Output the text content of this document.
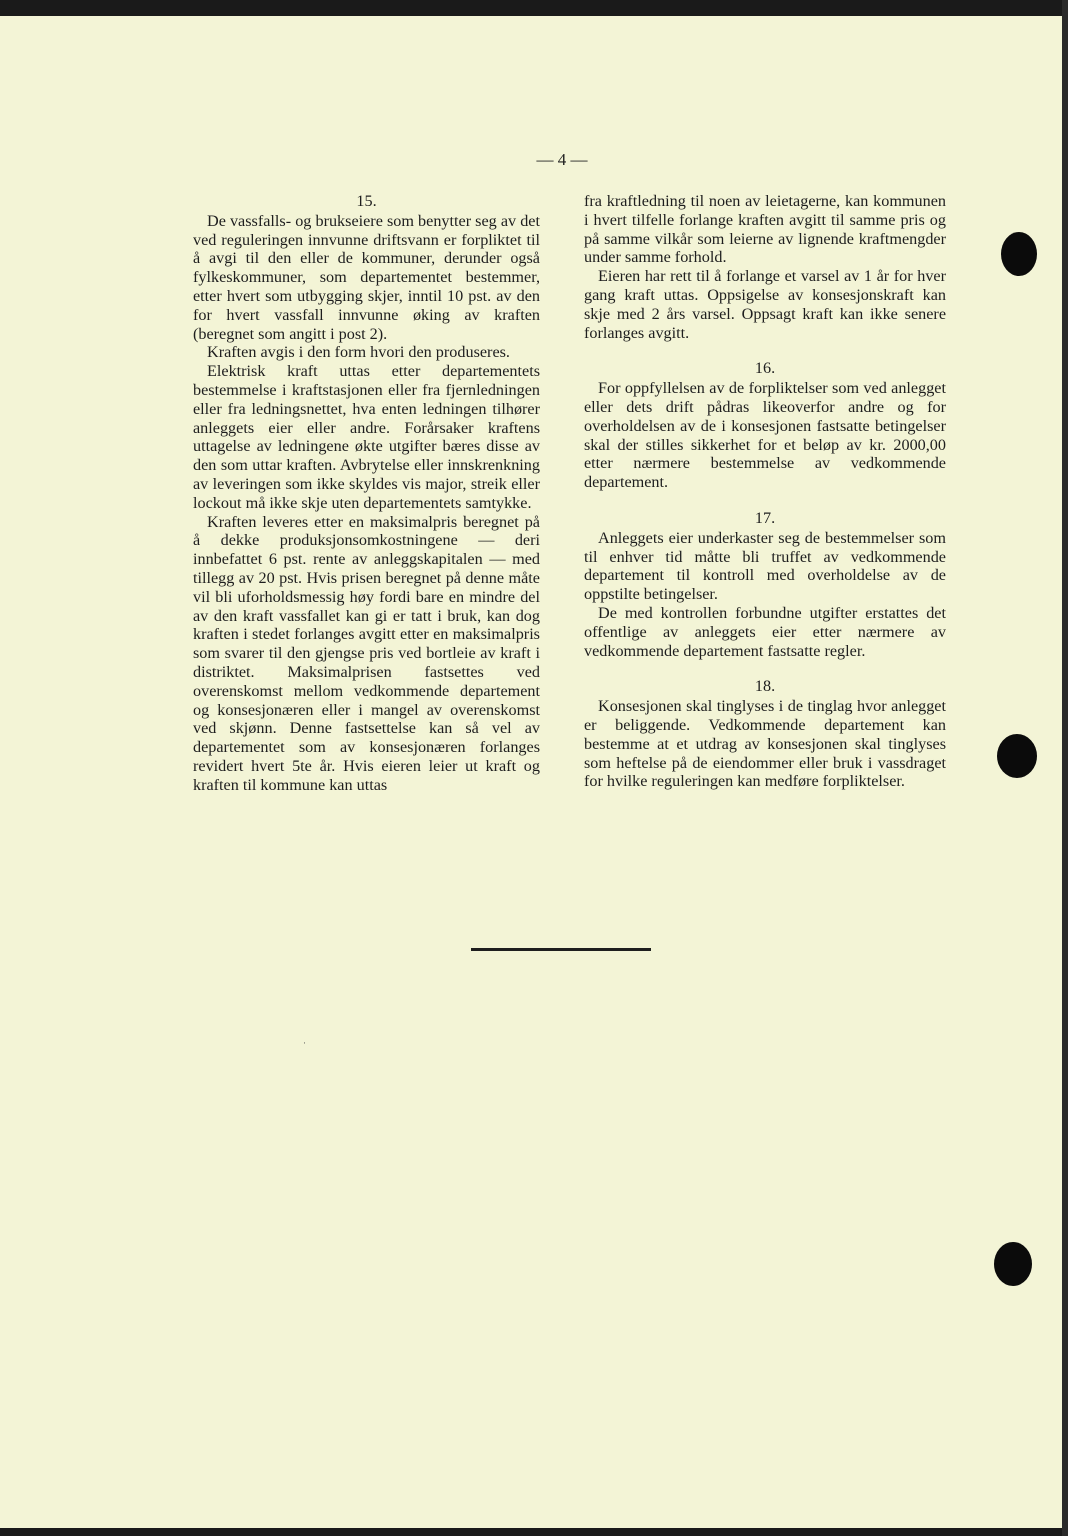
— 4 —
15.

De vassfalls- og brukseiere som benytter seg av det ved reguleringen innvunne driftsvann er forpliktet til å avgi til den eller de kommuner, derunder også fylkeskommuner, som departementet bestemmer, etter hvert som utbygging skjer, inntil 10 pst. av den for hvert vassfall innvunne øking av kraften (beregnet som angitt i post 2).

Kraften avgis i den form hvori den produseres.

Elektrisk kraft uttas etter departementets bestemmelse i kraftstasjonen eller fra fjernledningen eller fra ledningsnettet, hva enten ledningen tilhører anleggets eier eller andre. Forårsaker kraftens uttagelse av ledningene økte utgifter bæres disse av den som uttar kraften. Avbrytelse eller innskrenkning av leveringen som ikke skyldes vis major, streik eller lockout må ikke skje uten departementets samtykke.

Kraften leveres etter en maksimalpris beregnet på å dekke produksjonsomkostningene — deri innbefattet 6 pst. rente av anleggskapitalen — med tillegg av 20 pst. Hvis prisen beregnet på denne måte vil bli uforholdsmessig høy fordi bare en mindre del av den kraft vassfallet kan gi er tatt i bruk, kan dog kraften i stedet forlanges avgitt etter en maksimalpris som svarer til den gjengse pris ved bortleie av kraft i distriktet. Maksimalprisen fastsettes ved overenskomst mellom vedkommende departement og konsesjonæren eller i mangel av overenskomst ved skjønn. Denne fastsettelse kan så vel av departementet som av konsesjonæren forlanges revidert hvert 5te år. Hvis eieren leier ut kraft og kraften til kommune kan uttas

fra kraftledning til noen av leietagerne, kan kommunen i hvert tilfelle forlange kraften avgitt til samme pris og på samme vilkår som leierne av lignende kraftmengder under samme forhold.

Eieren har rett til å forlange et varsel av 1 år for hver gang kraft uttas. Oppsigelse av konsesjonskraft kan skje med 2 års varsel. Oppsagt kraft kan ikke senere forlanges avgitt.

16.

For oppfyllelsen av de forpliktelser som ved anlegget eller dets drift pådras likeoverfor andre og for overholdelsen av de i konsesjonen fastsatte betingelser skal der stilles sikkerhet for et beløp av kr. 2000,00 etter nærmere bestemmelse av vedkommende departement.

17.

Anleggets eier underkaster seg de bestemmelser som til enhver tid måtte bli truffet av vedkommende departement til kontroll med overholdelse av de oppstilte betingelser.

De med kontrollen forbundne utgifter erstattes det offentlige av anleggets eier etter nærmere av vedkommende departement fastsatte regler.

18.

Konsesjonen skal tinglyses i de tinglag hvor anlegget er beliggende. Vedkommende departement kan bestemme at et utdrag av konsesjonen skal tinglyses som heftelse på de eiendommer eller bruk i vassdraget for hvilke reguleringen kan medføre forpliktelser.

·
